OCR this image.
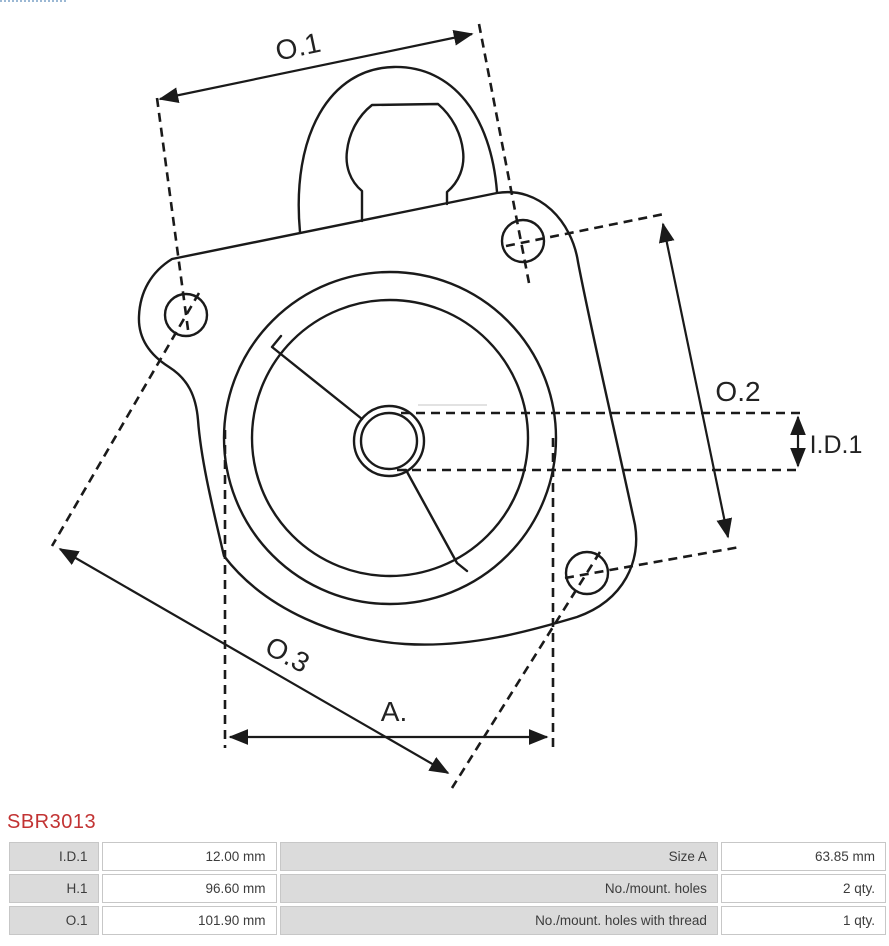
O.1
O.2
I.D.1
O.3
A.
SBR3013
I.D.1	12.00 mm	Size A	63.85 mm
H.1	96.60 mm	No./mount. holes	2 qty.
O.1	101.90 mm	No./mount. holes with thread	1 qty.
